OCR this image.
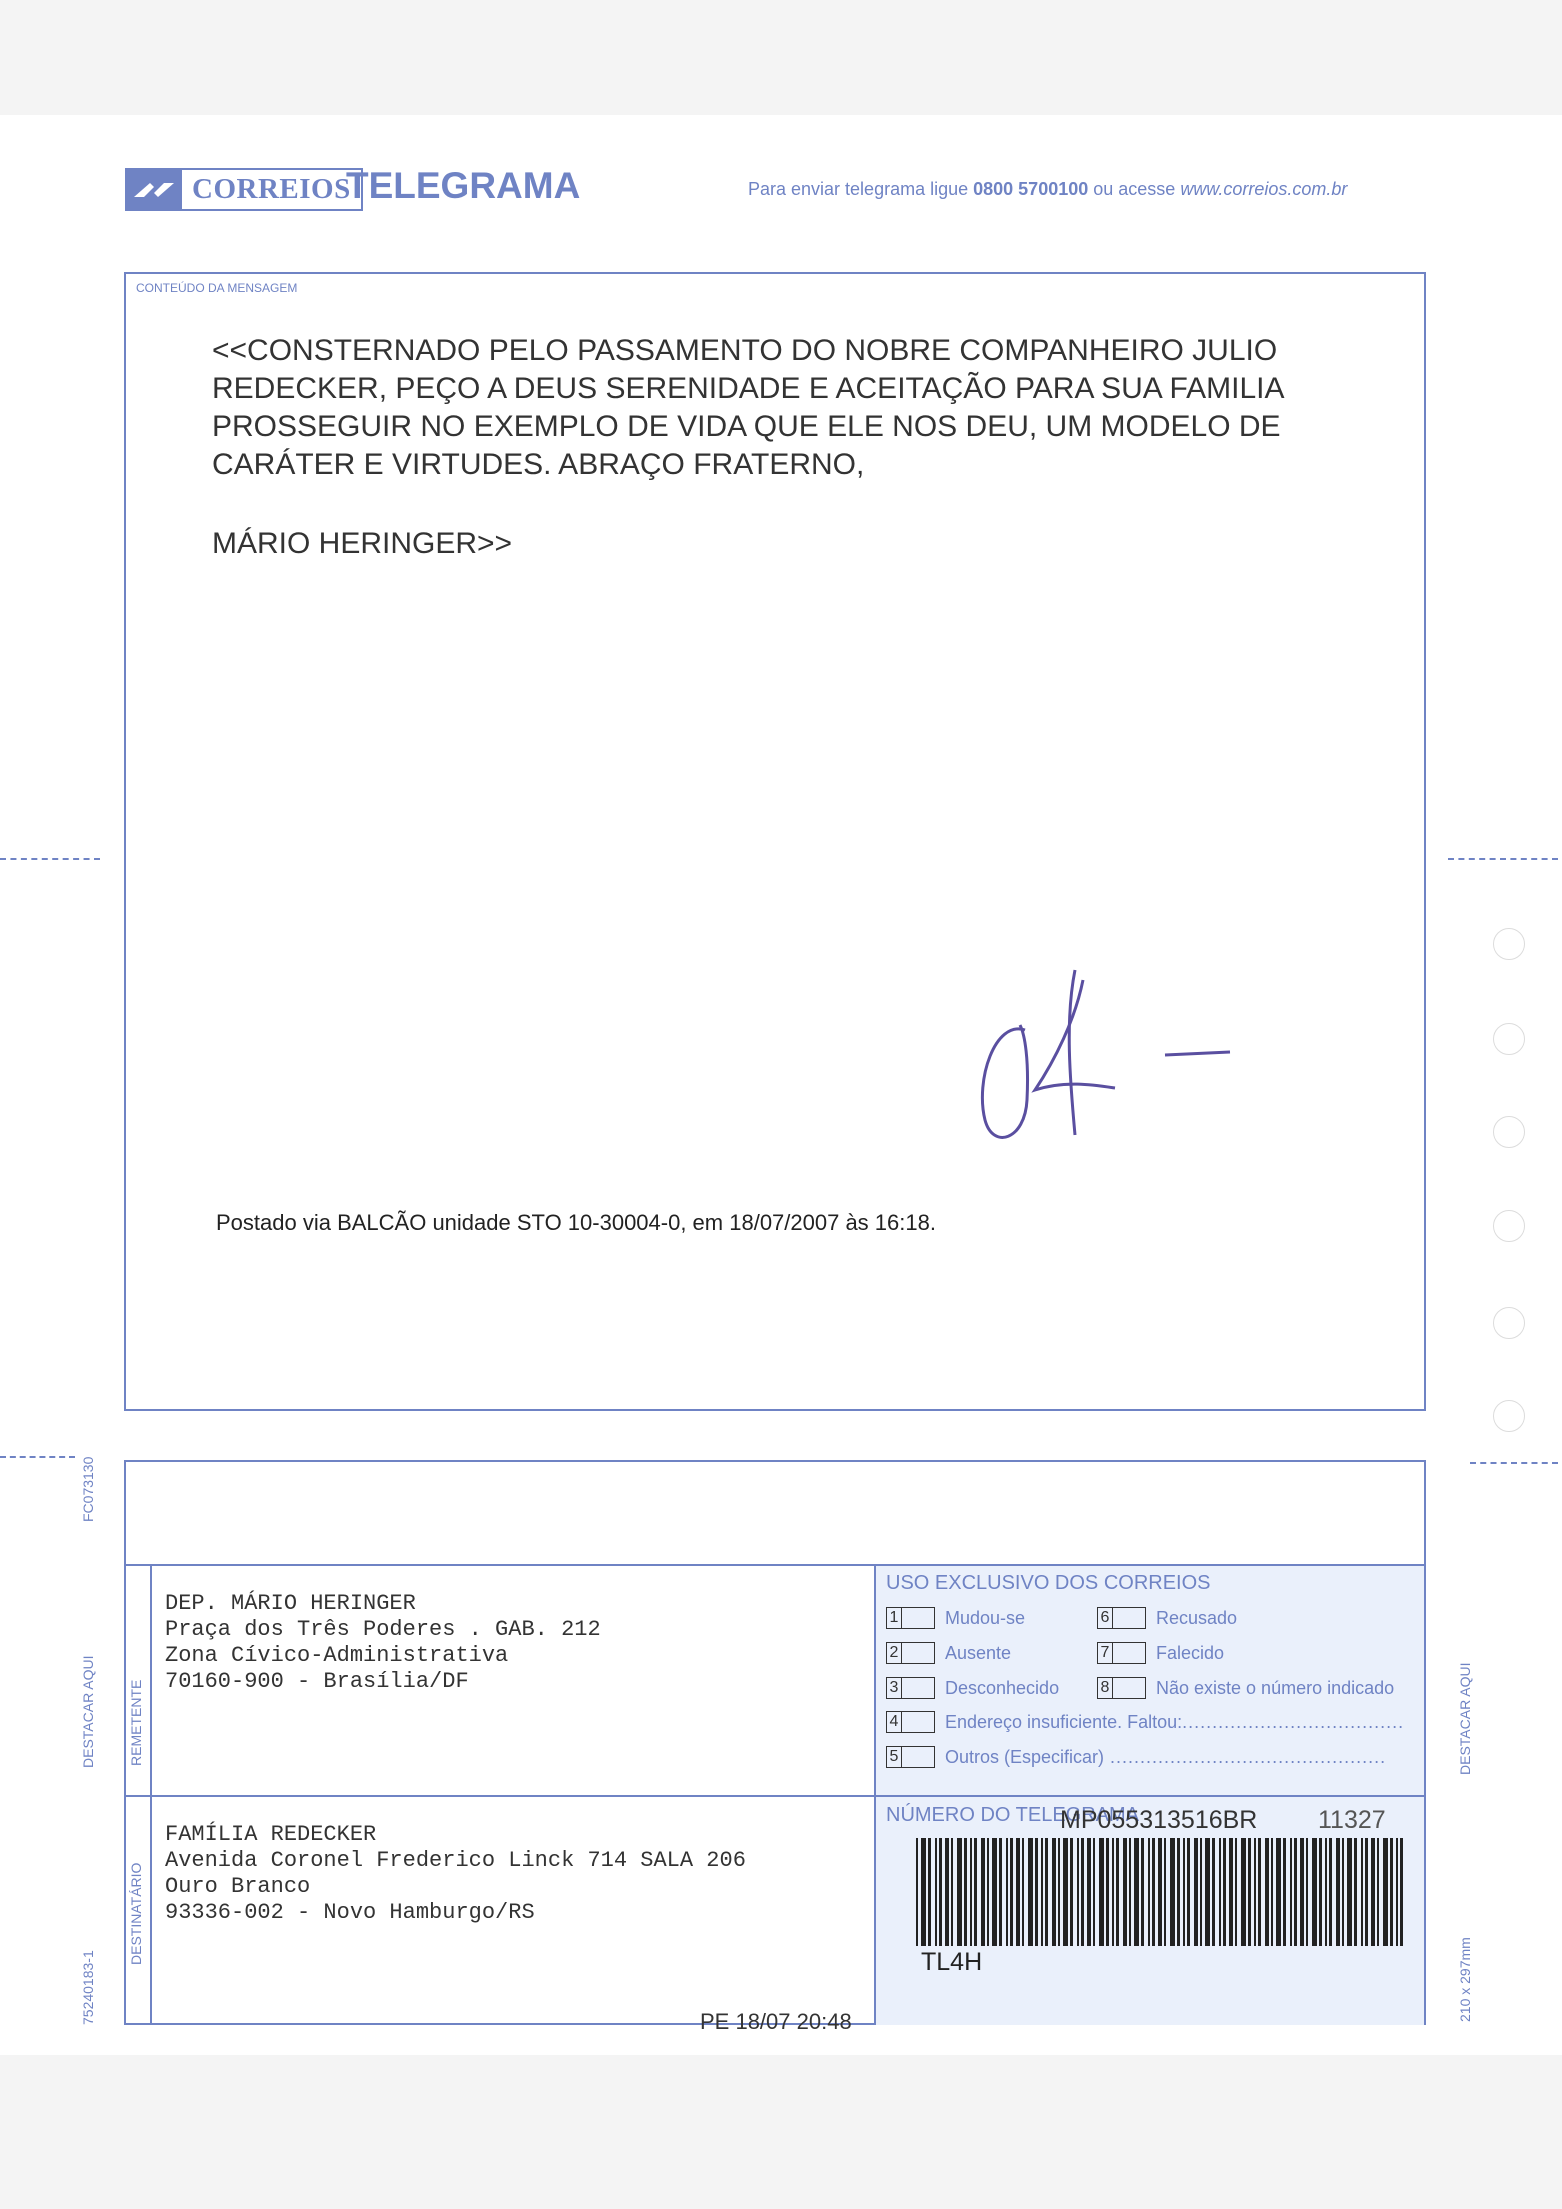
CORREIOS
TELEGRAMA	Para enviar telegrama ligue 0800 5700100 ou acesse www.correios.com.br
CONTEÚDO DA MENSAGEM

<<CONSTERNADO PELO PASSAMENTO DO NOBRE COMPANHEIRO JULIO
REDECKER, PEÇO A DEUS SERENIDADE E ACEITAÇÃO PARA SUA FAMILIA
PROSSEGUIR NO EXEMPLO DE VIDA QUE ELE NOS DEU, UM MODELO DE
CARÁTER E VIRTUDES. ABRAÇO FRATERNO,

MÁRIO HERINGER>>
Postado via BALCÃO unidade STO 10-30004-0, em 18/07/2007 às 16:18.
FC073130
DESTACAR AQUI
75240183-1
DESTACAR AQUI
210 x 297mm
REMETENTE
DESTINATÁRIO
DEP. MÁRIO HERINGER
Praça dos Três Poderes . GAB. 212
Zona Cívico-Administrativa
70160-900 - Brasília/DF
FAMÍLIA REDECKER
Avenida Coronel Frederico Linck 714 SALA 206
Ouro Branco
93336-002 - Novo Hamburgo/RS
USO EXCLUSIVO DOS CORREIOS
1	Mudou-se
2	Ausente
3	Desconhecido
4	Endereço insuficiente. Faltou: .....................................
5	Outros (Especificar) ..............................................
6	Recusado
7	Falecido
8	Não existe o número indicado
NÚMERO DO TELEGRAMA
MP055313516BR 11327
TL4H
PE 18/07 20:48
